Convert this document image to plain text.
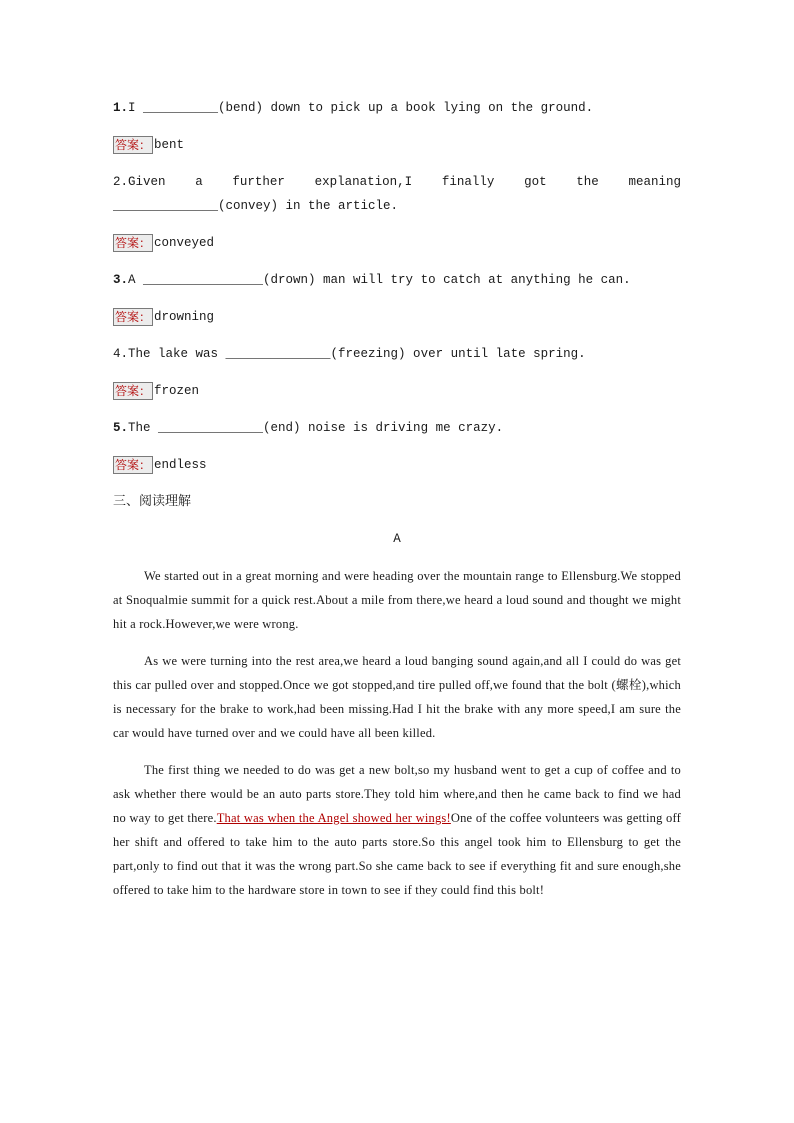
1.I __________(bend) down to pick up a book lying on the ground.

答案： bent

2.Given a further explanation,I finally got the meaning ______________(convey) in the article.

答案： conveyed

3.A ________________(drown) man will try to catch at anything he can.

答案： drowning

4.The lake was ______________(freezing) over until late spring.

答案： frozen

5.The ______________(end) noise is driving me crazy.

答案： endless

三、阅读理解

A

We started out in a great morning and were heading over the mountain range to Ellensburg.We stopped at Snoqualmie summit for a quick rest.About a mile from there,we heard a loud sound and thought we might hit a rock.However,we were wrong.

As we were turning into the rest area,we heard a loud banging sound again,and all I could do was get this car pulled over and stopped.Once we got stopped,and tire pulled off,we found that the bolt (螺栓),which is necessary for the brake to work,had been missing.Had I hit the brake with any more speed,I am sure the car would have turned over and we could have all been killed.

The first thing we needed to do was get a new bolt,so my husband went to get a cup of coffee and to ask whether there would be an auto parts store.They told him where,and then he came back to find we had no way to get there.That was when the Angel showed her wings!One of the coffee volunteers was getting off her shift and offered to take him to the auto parts store.So this angel took him to Ellensburg to get the part,only to find out that it was the wrong part.So she came back to see if everything fit and sure enough,she offered to take him to the hardware store in town to see if they could find this bolt!
